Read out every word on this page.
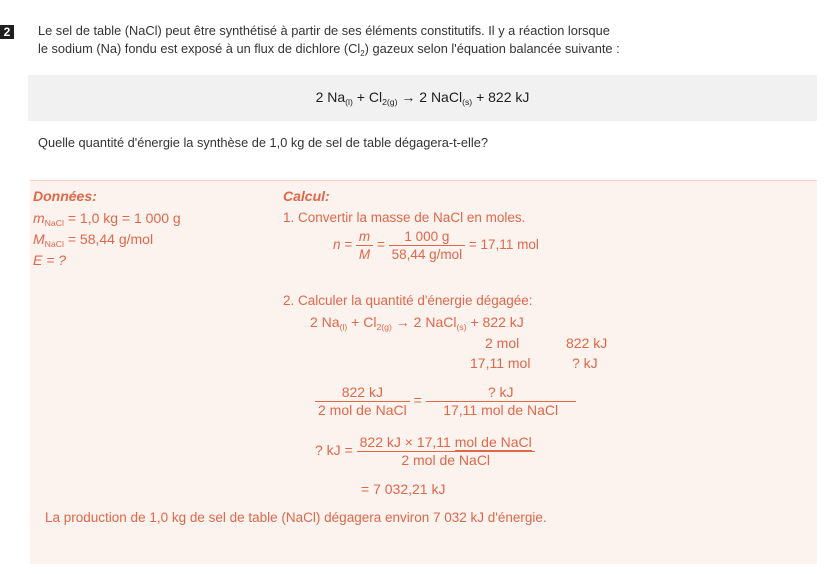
2 Le sel de table (NaCl) peut être synthétisé à partir de ses éléments constitutifs. Il y a réaction lorsque

le sodium (Na) fondu est exposé à un flux de dichlore $(Cl_2)$ gazeux selon l'équation balancée suivante :

2 $Na_{(l)} + Cl_{2(g)} \to 2$ NaCl$_{(s)}$ + 822 kJ
Quelle quantité d'énergie la synthèse de 1,0 kg de sel de table dégagera-t-elle?
Données:
$m_{NaCl} = 1,0$ kg = 1 000 g
$M_{NaCl} = 58,44$ g/mol
E = ?
Calcul:
1. Convertir la masse de NaCl en moles.
$n = \frac{m}{M} = \frac{1 000 g}{\text{58,44 g/mol}} = 17,11$ mol
2. Calculer la quantité d'énergie dégagée:
2 $Na_{(l)} + Cl_{2(g)} \to 2$ NaCl$_{(s)}$ + 822 kJ
2 mol	822 kJ
17,11 mol	? kJ
$\frac{822 kJ}{\text{2 mol de NaCl}} = \frac{? kJ}{\text{17,11 mol de NaCl}}$
? kJ = $\frac{\text{822 kJ × 17,11 mol de NaCl}}{\text{2 mol de NaCl}}$
= 7 032,21 kJ
La production de 1,0 kg de sel de table (NaCl) dégagera environ 7 032 kJ d'énergie.
